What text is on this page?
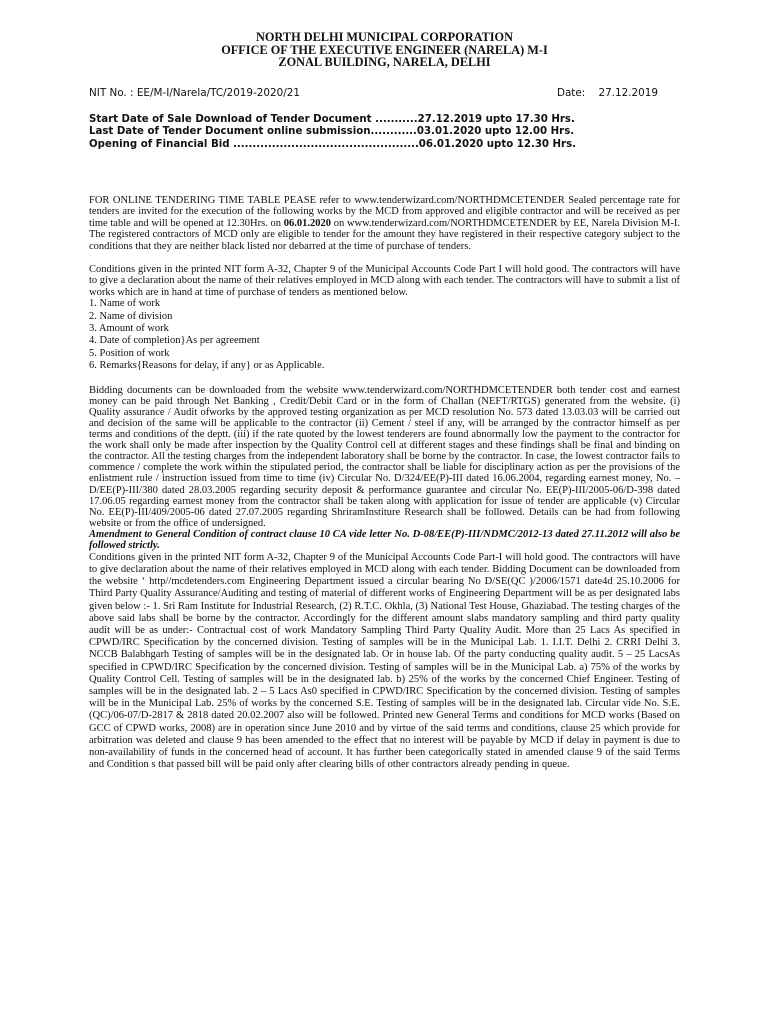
NORTH DELHI MUNICIPAL CORPORATION
OFFICE OF THE EXECUTIVE ENGINEER (NARELA) M-I
ZONAL BUILDING, NARELA, DELHI
NIT No. : EE/M-I/Narela/TC/2019-2020/21	Date: 27.12.2019
Start Date of Sale Download of Tender Document ...........27.12.2019 upto 17.30 Hrs.
Last Date of Tender Document online submission............03.01.2020 upto 12.00 Hrs.
Opening of Financial Bid ................................................06.01.2020 upto 12.30 Hrs.

FOR ONLINE TENDERING TIME TABLE PEASE refer to www.tenderwizard.com/NORTHDMCETENDER Sealed percentage rate for tenders are invited for the execution of the following works by the MCD from approved and eligible contractor and will be received as per time table and will be opened at 12.30Hrs. on 06.01.2020 on www.tenderwizard.com/NORTHDMCETENDER by EE, Narela Division M-I. The registered contractors of MCD only are eligible to tender for the amount they have registered in their respective category subject to the conditions that they are neither black listed nor debarred at the time of purchase of tenders.

Conditions given in the printed NIT form A-32, Chapter 9 of the Municipal Accounts Code Part I will hold good. The contractors will have to give a declaration about the name of their relatives employed in MCD along with each tender. The contractors will have to submit a list of works which are in hand at time of purchase of tenders as mentioned below.

1. Name of work
2. Name of division
3. Amount of work
4. Date of completion}As per agreement
5. Position of work
6. Remarks{Reasons for delay, if any} or as Applicable.

Bidding documents can be downloaded from the website www.tenderwizard.com/NORTHDMCETENDER both tender cost and earnest money can be paid through Net Banking , Credit/Debit Card or in the form of Challan (NEFT/RTGS) generated from the website. (i) Quality assurance / Audit ofworks by the approved testing organization as per MCD resolution No. 573 dated 13.03.03 will be carried out and decision of the same will be applicable to the contractor (ii) Cement / steel if any, will be arranged by the contractor himself as per terms and conditions of the deptt. (iii) if the rate quoted by the lowest tenderers are found abnormally low the payment to the contractor for the work shall only be made after inspection by the Quality Control cell at different stages and these findings shall be final and binding on the contractor. All the testing charges from the independent laboratory shall be borne by the contractor. In case, the lowest contractor fails to commence / complete the work within the stipulated period, the contractor shall be liable for disciplinary action as per the provisions of the enlistment rule / instruction issued from time to time (iv) Circular No. D/324/EE(P)-III dated 16.06.2004, regarding earnest money, No. – D/EE(P)-III/380 dated 28.03.2005 regarding security deposit & performance guarantee and circular No. EE(P)-III/2005-06/D-398 dated 17.06.05 regarding earnest money from the contractor shall be taken along with application for issue of tender are applicable (v) Circular No. EE(P)-III/409/2005-06 dated 27.07.2005 regarding ShriramInstiture Research shall be followed. Details can be had from following website or from the office of undersigned.

Amendment to General Condition of contract clause 10 CA vide letter No. D-08/EE(P)-III/NDMC/2012-13 dated 27.11.2012 will also be followed strictly.

Conditions given in the printed NIT form A-32, Chapter 9 of the Municipal Accounts Code Part-I will hold good. The contractors will have to give declaration about the name of their relatives employed in MCD along with each tender. Bidding Document can be downloaded from the website ‘ http//mcdetenders.com Engineering Department issued a circular bearing No D/SE(QC )/2006/1571 date4d 25.10.2006 for Third Party Quality Assurance/Auditing and testing of material of different works of Engineering Department will be as per designated labs given below :- 1. Sri Ram Institute for Industrial Research, (2) R.T.C. Okhla, (3) National Test House, Ghaziabad. The testing charges of the above said labs shall be borne by the contractor. Accordingly for the different amount slabs mandatory sampling and third party quality audit will be as under:- Contractual cost of work Mandatory Sampling Third Party Quality Audit. More than 25 Lacs As specified in CPWD/IRC Specification by the concerned division. Testing of samples will be in the Municipal Lab. 1. I.I.T. Delhi 2. CRRI Delhi 3. NCCB Balabhgarh Testing of samples will be in the designated lab. Or in house lab. Of the party conducting quality audit. 5 – 25 LacsAs specified in CPWD/IRC Specification by the concerned division. Testing of samples will be in the Municipal Lab. a) 75% of the works by Quality Control Cell. Testing of samples will be in the designated lab. b) 25% of the works by the concerned Chief Engineer. Testing of samples will be in the designated lab. 2 – 5 Lacs As0 specified in CPWD/IRC Specification by the concerned division. Testing of samples will be in the Municipal Lab. 25% of works by the concerned S.E. Testing of samples will be in the designated lab. Circular vide No. S.E.(QC)/06-07/D-2817 & 2818 dated 20.02.2007 also will be followed. Printed new General Terms and conditions for MCD works (Based on GCC of CPWD works, 2008) are in operation since June 2010 and by virtue of the said terms and conditions, clause 25 which provide for arbitration was deleted and clause 9 has been amended to the effect that no interest will be payable by MCD if delay in payment is due to non-availability of funds in the concerned head of account. It has further been categorically stated in amended clause 9 of the said Terms and Condition s that passed bill will be paid only after clearing bills of other contractors already pending in queue.
